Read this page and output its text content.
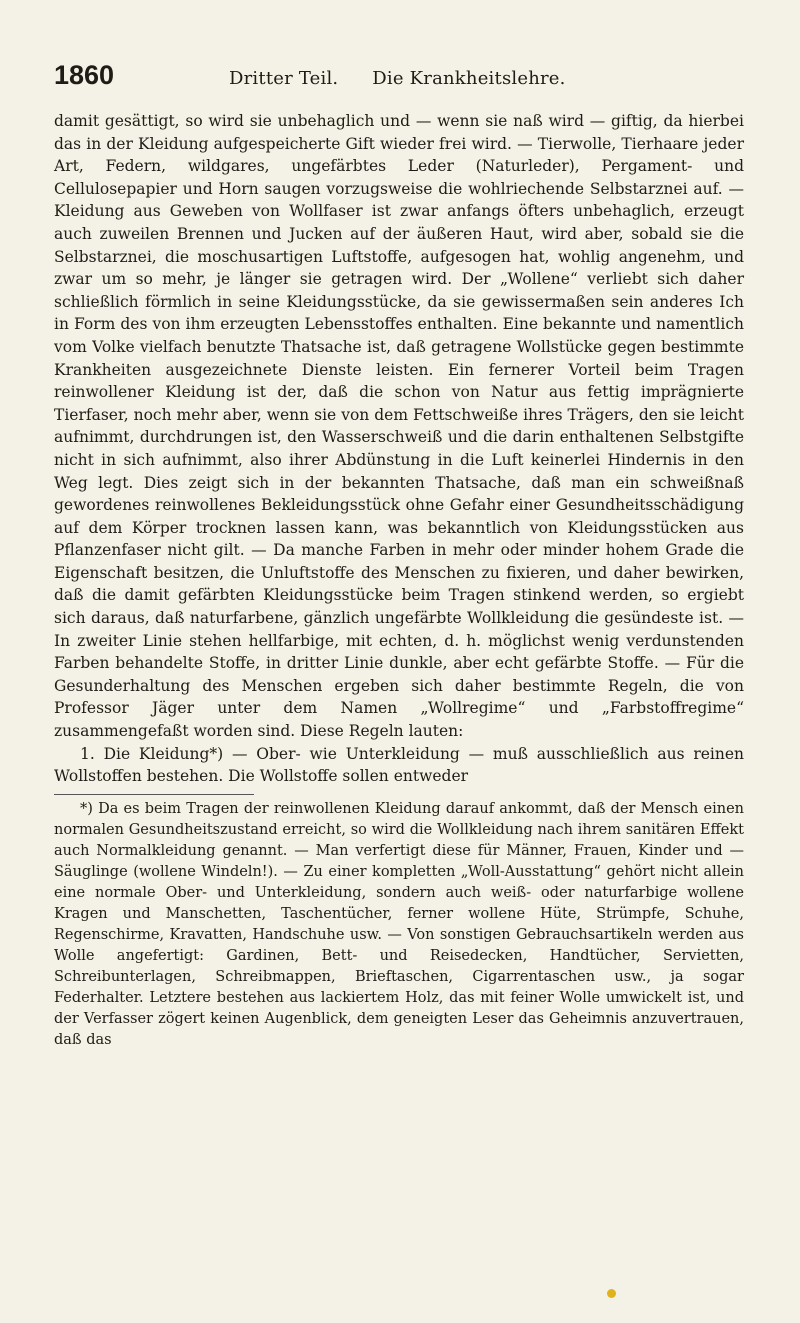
1860	Dritter Teil. Die Krankheitslehre.

damit gesättigt, so wird sie unbehaglich und — wenn sie naß wird — giftig, da hierbei das in der Kleidung aufgespeicherte Gift wieder frei wird. — Tierwolle, Tierhaare jeder Art, Federn, wildgares, ungefärbtes Leder (Naturleder), Pergament- und Cellulosepapier und Horn saugen vorzugsweise die wohlriechende Selbstarznei auf. — Kleidung aus Geweben von Wollfaser ist zwar anfangs öfters unbehaglich, erzeugt auch zuweilen Brennen und Jucken auf der äußeren Haut, wird aber, sobald sie die Selbstarznei, die moschusartigen Luftstoffe, aufgesogen hat, wohlig angenehm, und zwar um so mehr, je länger sie getragen wird. Der „Wollene“ verliebt sich daher schließlich förmlich in seine Kleidungsstücke, da sie gewissermaßen sein anderes Ich in Form des von ihm erzeugten Lebensstoffes enthalten. Eine bekannte und namentlich vom Volke vielfach benutzte Thatsache ist, daß getragene Wollstücke gegen bestimmte Krankheiten ausgezeichnete Dienste leisten. Ein fernerer Vorteil beim Tragen reinwollener Kleidung ist der, daß die schon von Natur aus fettig imprägnierte Tierfaser, noch mehr aber, wenn sie von dem Fettschweiße ihres Trägers, den sie leicht aufnimmt, durchdrungen ist, den Wasserschweiß und die darin enthaltenen Selbstgifte nicht in sich aufnimmt, also ihrer Abdünstung in die Luft keinerlei Hindernis in den Weg legt. Dies zeigt sich in der bekannten Thatsache, daß man ein schweißnaß gewordenes reinwollenes Bekleidungsstück ohne Gefahr einer Gesundheitsschädigung auf dem Körper trocknen lassen kann, was bekanntlich von Kleidungsstücken aus Pflanzenfaser nicht gilt. — Da manche Farben in mehr oder minder hohem Grade die Eigenschaft besitzen, die Unluftstoffe des Menschen zu fixieren, und daher bewirken, daß die damit gefärbten Kleidungsstücke beim Tragen stinkend werden, so ergiebt sich daraus, daß naturfarbene, gänzlich ungefärbte Wollkleidung die gesündeste ist. — In zweiter Linie stehen hellfarbige, mit echten, d. h. möglichst wenig verdunstenden Farben behandelte Stoffe, in dritter Linie dunkle, aber echt gefärbte Stoffe. — Für die Gesunderhaltung des Menschen ergeben sich daher bestimmte Regeln, die von Professor Jäger unter dem Namen „Wollregime“ und „Farbstoffregime“ zusammengefaßt worden sind. Diese Regeln lauten:

1. Die Kleidung*) — Ober- wie Unterkleidung — muß ausschließlich aus reinen Wollstoffen bestehen. Die Wollstoffe sollen entweder

*) Da es beim Tragen der reinwollenen Kleidung darauf ankommt, daß der Mensch einen normalen Gesundheitszustand erreicht, so wird die Wollkleidung nach ihrem sanitären Effekt auch Normalkleidung genannt. — Man verfertigt diese für Männer, Frauen, Kinder und — Säuglinge (wollene Windeln!). — Zu einer kompletten „Woll-Ausstattung“ gehört nicht allein eine normale Ober- und Unterkleidung, sondern auch weiß- oder naturfarbige wollene Kragen und Manschetten, Taschentücher, ferner wollene Hüte, Strümpfe, Schuhe, Regenschirme, Kravatten, Handschuhe usw. — Von sonstigen Gebrauchsartikeln werden aus Wolle angefertigt: Gardinen, Bett- und Reisedecken, Handtücher, Servietten, Schreibunterlagen, Schreibmappen, Brieftaschen, Cigarrentaschen usw., ja sogar Federhalter. Letztere bestehen aus lackiertem Holz, das mit feiner Wolle umwickelt ist, und der Verfasser zögert keinen Augenblick, dem geneigten Leser das Geheimnis anzuvertrauen, daß das
